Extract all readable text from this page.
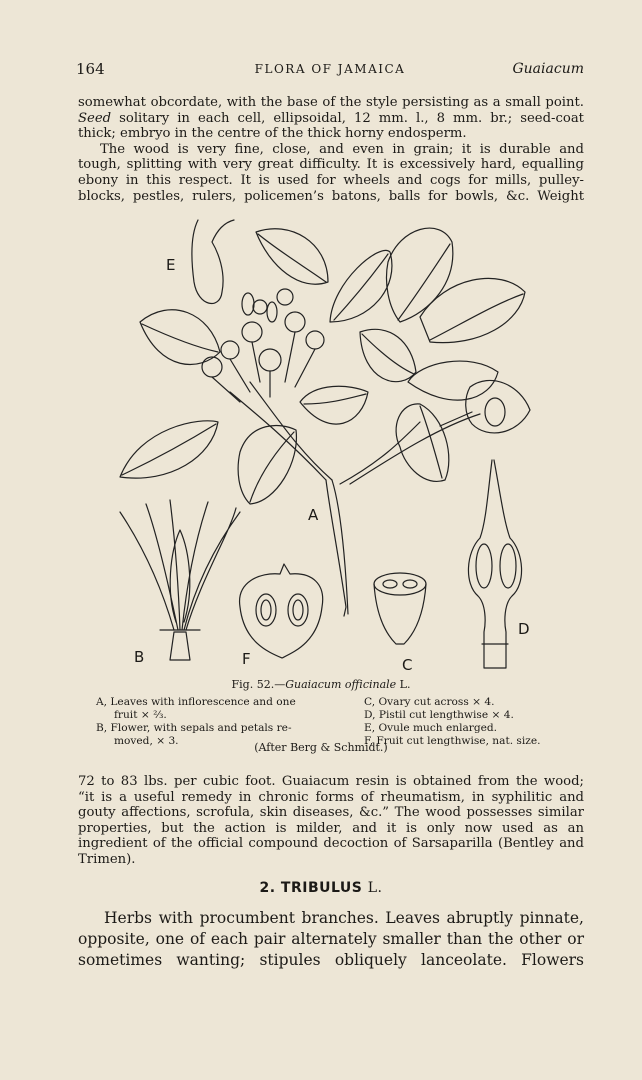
164	FLORA OF JAMAICA	Guaiacum
somewhat obcordate, with the base of the style persisting as a small point.
Seed solitary in each cell, ellipsoidal, 12 mm. l., 8 mm. br.; seed-coat
thick; embryo in the centre of the thick horny endosperm.
The wood is very fine, close, and even in grain; it is durable and
tough, splitting with very great difficulty. It is excessively hard, equalling
ebony in this respect. It is used for wheels and cogs for mills, pulley-
blocks, pestles, rulers, policemen’s batons, balls for bowls, &c. Weight
E
A
B	F	C
D
Fig. 52.—Guaiacum officinale L.
A, Leaves with inflorescence and one
fruit × ⅔.
B, Flower, with sepals and petals re-
moved, × 3.
C, Ovary cut across × 4.
D, Pistil cut lengthwise × 4.
E, Ovule much enlarged.
F, Fruit cut lengthwise, nat. size.
(After Berg & Schmidt.)
72 to 83 lbs. per cubic foot. Guaiacum resin is obtained from the wood;
“it is a useful remedy in chronic forms of rheumatism, in syphilitic and
gouty affections, scrofula, skin diseases, &c.” The wood possesses similar
properties, but the action is milder, and it is only now used as an
ingredient of the official compound decoction of Sarsaparilla (Bentley and
Trimen).
2. TRIBULUS L.
Herbs with procumbent branches. Leaves abruptly pinnate,
opposite, one of each pair alternately smaller than the other or
sometimes wanting; stipules obliquely lanceolate. Flowers
